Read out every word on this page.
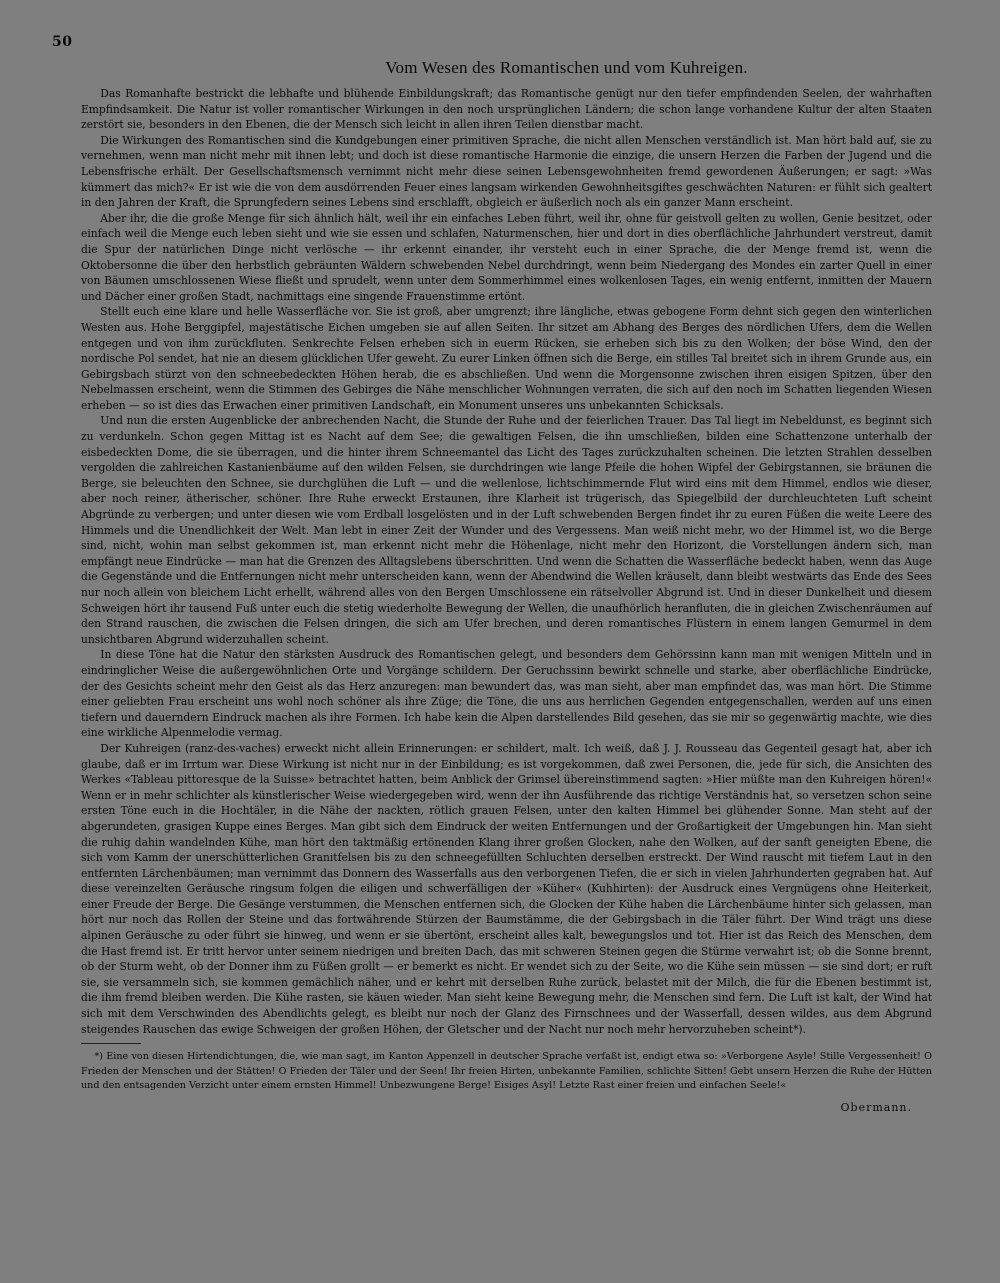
50
Vom Wesen des Romantischen und vom Kuhreigen.

Das Romanhafte bestrickt die lebhafte und blühende Einbildungskraft; das Romantische genügt nur den tiefer empfindenden Seelen, der wahrhaften Empfindsamkeit. Die Natur ist voller romantischer Wirkungen in den noch ursprünglichen Ländern; die schon lange vorhandene Kultur der alten Staaten zerstört sie, besonders in den Ebenen, die der Mensch sich leicht in allen ihren Teilen dienstbar macht.

Die Wirkungen des Romantischen sind die Kundgebungen einer primitiven Sprache, die nicht allen Menschen verständlich ist. Man hört bald auf, sie zu vernehmen, wenn man nicht mehr mit ihnen lebt; und doch ist diese romantische Harmonie die einzige, die unsern Herzen die Farben der Jugend und die Lebensfrische erhält. Der Gesellschaftsmensch vernimmt nicht mehr diese seinen Lebensgewohnheiten fremd gewordenen Äußerungen; er sagt: »Was kümmert das mich?« Er ist wie die von dem ausdörrenden Feuer eines langsam wirkenden Gewohnheitsgiftes geschwächten Naturen: er fühlt sich gealtert in den Jahren der Kraft, die Sprungfedern seines Lebens sind erschlafft, obgleich er äußerlich noch als ein ganzer Mann erscheint.

Aber ihr, die die große Menge für sich ähnlich hält, weil ihr ein einfaches Leben führt, weil ihr, ohne für geistvoll gelten zu wollen, Genie besitzet, oder einfach weil die Menge euch leben sieht und wie sie essen und schlafen, Naturmenschen, hier und dort in dies oberflächliche Jahrhundert verstreut, damit die Spur der natürlichen Dinge nicht verlösche — ihr erkennt einander, ihr versteht euch in einer Sprache, die der Menge fremd ist, wenn die Oktobersonne die über den herbstlich gebräunten Wäldern schwebenden Nebel durchdringt, wenn beim Niedergang des Mondes ein zarter Quell in einer von Bäumen umschlossenen Wiese fließt und sprudelt, wenn unter dem Sommerhimmel eines wolkenlosen Tages, ein wenig entfernt, inmitten der Mauern und Dächer einer großen Stadt, nachmittags eine singende Frauenstimme ertönt.

Stellt euch eine klare und helle Wasserfläche vor. Sie ist groß, aber umgrenzt; ihre längliche, etwas gebogene Form dehnt sich gegen den winterlichen Westen aus. Hohe Berggipfel, majestätische Eichen umgeben sie auf allen Seiten. Ihr sitzet am Abhang des Berges des nördlichen Ufers, dem die Wellen entgegen und von ihm zurückfluten. Senkrechte Felsen erheben sich in euerm Rücken, sie erheben sich bis zu den Wolken; der böse Wind, den der nordische Pol sendet, hat nie an diesem glücklichen Ufer geweht. Zu eurer Linken öffnen sich die Berge, ein stilles Tal breitet sich in ihrem Grunde aus, ein Gebirgsbach stürzt von den schneebedeckten Höhen herab, die es abschließen. Und wenn die Morgensonne zwischen ihren eisigen Spitzen, über den Nebelmassen erscheint, wenn die Stimmen des Gebirges die Nähe menschlicher Wohnungen verraten, die sich auf den noch im Schatten liegenden Wiesen erheben — so ist dies das Erwachen einer primitiven Landschaft, ein Monument unseres uns unbekannten Schicksals.

Und nun die ersten Augenblicke der anbrechenden Nacht, die Stunde der Ruhe und der feierlichen Trauer. Das Tal liegt im Nebeldunst, es beginnt sich zu verdunkeln. Schon gegen Mittag ist es Nacht auf dem See; die gewaltigen Felsen, die ihn umschließen, bilden eine Schattenzone unterhalb der eisbedeckten Dome, die sie überragen, und die hinter ihrem Schneemantel das Licht des Tages zurückzuhalten scheinen. Die letzten Strahlen desselben vergolden die zahlreichen Kastanienbäume auf den wilden Felsen, sie durchdringen wie lange Pfeile die hohen Wipfel der Gebirgstannen, sie bräunen die Berge, sie beleuchten den Schnee, sie durchglühen die Luft — und die wellenlose, lichtschimmernde Flut wird eins mit dem Himmel, endlos wie dieser, aber noch reiner, ätherischer, schöner. Ihre Ruhe erweckt Erstaunen, ihre Klarheit ist trügerisch, das Spiegelbild der durchleuchteten Luft scheint Abgründe zu verbergen; und unter diesen wie vom Erdball losgelösten und in der Luft schwebenden Bergen findet ihr zu euren Füßen die weite Leere des Himmels und die Unendlichkeit der Welt. Man lebt in einer Zeit der Wunder und des Vergessens. Man weiß nicht mehr, wo der Himmel ist, wo die Berge sind, nicht, wohin man selbst gekommen ist, man erkennt nicht mehr die Höhenlage, nicht mehr den Horizont, die Vorstellungen ändern sich, man empfängt neue Eindrücke — man hat die Grenzen des Alltagslebens überschritten. Und wenn die Schatten die Wasserfläche bedeckt haben, wenn das Auge die Gegenstände und die Entfernungen nicht mehr unterscheiden kann, wenn der Abendwind die Wellen kräuselt, dann bleibt westwärts das Ende des Sees nur noch allein von bleichem Licht erhellt, während alles von den Bergen Umschlossene ein rätselvoller Abgrund ist. Und in dieser Dunkelheit und diesem Schweigen hört ihr tausend Fuß unter euch die stetig wiederholte Bewegung der Wellen, die unaufhörlich heranfluten, die in gleichen Zwischenräumen auf den Strand rauschen, die zwischen die Felsen dringen, die sich am Ufer brechen, und deren romantisches Flüstern in einem langen Gemurmel in dem unsichtbaren Abgrund widerzuhallen scheint.

In diese Töne hat die Natur den stärksten Ausdruck des Romantischen gelegt, und besonders dem Gehörssinn kann man mit wenigen Mitteln und in eindringlicher Weise die außergewöhnlichen Orte und Vorgänge schildern. Der Geruchssinn bewirkt schnelle und starke, aber oberflächliche Eindrücke, der des Gesichts scheint mehr den Geist als das Herz anzuregen: man bewundert das, was man sieht, aber man empfindet das, was man hört. Die Stimme einer geliebten Frau erscheint uns wohl noch schöner als ihre Züge; die Töne, die uns aus herrlichen Gegenden entgegenschallen, werden auf uns einen tiefern und dauerndern Eindruck machen als ihre Formen. Ich habe kein die Alpen darstellendes Bild gesehen, das sie mir so gegenwärtig machte, wie dies eine wirkliche Alpenmelodie vermag.

Der Kuhreigen (ranz-des-vaches) erweckt nicht allein Erinnerungen: er schildert, malt. Ich weiß, daß J. J. Rousseau das Gegenteil gesagt hat, aber ich glaube, daß er im Irrtum war. Diese Wirkung ist nicht nur in der Einbildung; es ist vorgekommen, daß zwei Personen, die, jede für sich, die Ansichten des Werkes «Tableau pittoresque de la Suisse» betrachtet hatten, beim Anblick der Grimsel übereinstimmend sagten: »Hier müßte man den Kuhreigen hören!« Wenn er in mehr schlichter als künstlerischer Weise wiedergegeben wird, wenn der ihn Ausführende das richtige Verständnis hat, so versetzen schon seine ersten Töne euch in die Hochtäler, in die Nähe der nackten, rötlich grauen Felsen, unter den kalten Himmel bei glühender Sonne. Man steht auf der abgerundeten, grasigen Kuppe eines Berges. Man gibt sich dem Eindruck der weiten Entfernungen und der Großartigkeit der Umgebungen hin. Man sieht die ruhig dahin wandelnden Kühe, man hört den taktmäßig ertönenden Klang ihrer großen Glocken, nahe den Wolken, auf der sanft geneigten Ebene, die sich vom Kamm der unerschütterlichen Granitfelsen bis zu den schneegefüllten Schluchten derselben erstreckt. Der Wind rauscht mit tiefem Laut in den entfernten Lärchenbäumen; man vernimmt das Donnern des Wasserfalls aus den verborgenen Tiefen, die er sich in vielen Jahrhunderten gegraben hat. Auf diese vereinzelten Geräusche ringsum folgen die eiligen und schwerfälligen der »Küher« (Kuhhirten): der Ausdruck eines Vergnügens ohne Heiterkeit, einer Freude der Berge. Die Gesänge verstummen, die Menschen entfernen sich, die Glocken der Kühe haben die Lärchenbäume hinter sich gelassen, man hört nur noch das Rollen der Steine und das fortwährende Stürzen der Baumstämme, die der Gebirgsbach in die Täler führt. Der Wind trägt uns diese alpinen Geräusche zu oder führt sie hinweg, und wenn er sie übertönt, erscheint alles kalt, bewegungslos und tot. Hier ist das Reich des Menschen, dem die Hast fremd ist. Er tritt hervor unter seinem niedrigen und breiten Dach, das mit schweren Steinen gegen die Stürme verwahrt ist; ob die Sonne brennt, ob der Sturm weht, ob der Donner ihm zu Füßen grollt — er bemerkt es nicht. Er wendet sich zu der Seite, wo die Kühe sein müssen — sie sind dort; er ruft sie, sie versammeln sich, sie kommen gemächlich näher, und er kehrt mit derselben Ruhe zurück, belastet mit der Milch, die für die Ebenen bestimmt ist, die ihm fremd bleiben werden. Die Kühe rasten, sie käuen wieder. Man sieht keine Bewegung mehr, die Menschen sind fern. Die Luft ist kalt, der Wind hat sich mit dem Verschwinden des Abendlichts gelegt, es bleibt nur noch der Glanz des Firnschnees und der Wasserfall, dessen wildes, aus dem Abgrund steigendes Rauschen das ewige Schweigen der großen Höhen, der Gletscher und der Nacht nur noch mehr hervorzuheben scheint*).

*) Eine von diesen Hirtendichtungen, die, wie man sagt, im Kanton Appenzell in deutscher Sprache verfaßt ist, endigt etwa so: »Verborgene Asyle! Stille Vergessenheit! O Frieden der Menschen und der Stätten! O Frieden der Täler und der Seen! Ihr freien Hirten, unbekannte Familien, schlichte Sitten! Gebt unsern Herzen die Ruhe der Hütten und den entsagenden Verzicht unter einem ernsten Himmel! Unbezwungene Berge! Eisiges Asyl! Letzte Rast einer freien und einfachen Seele!«

Obermann.
